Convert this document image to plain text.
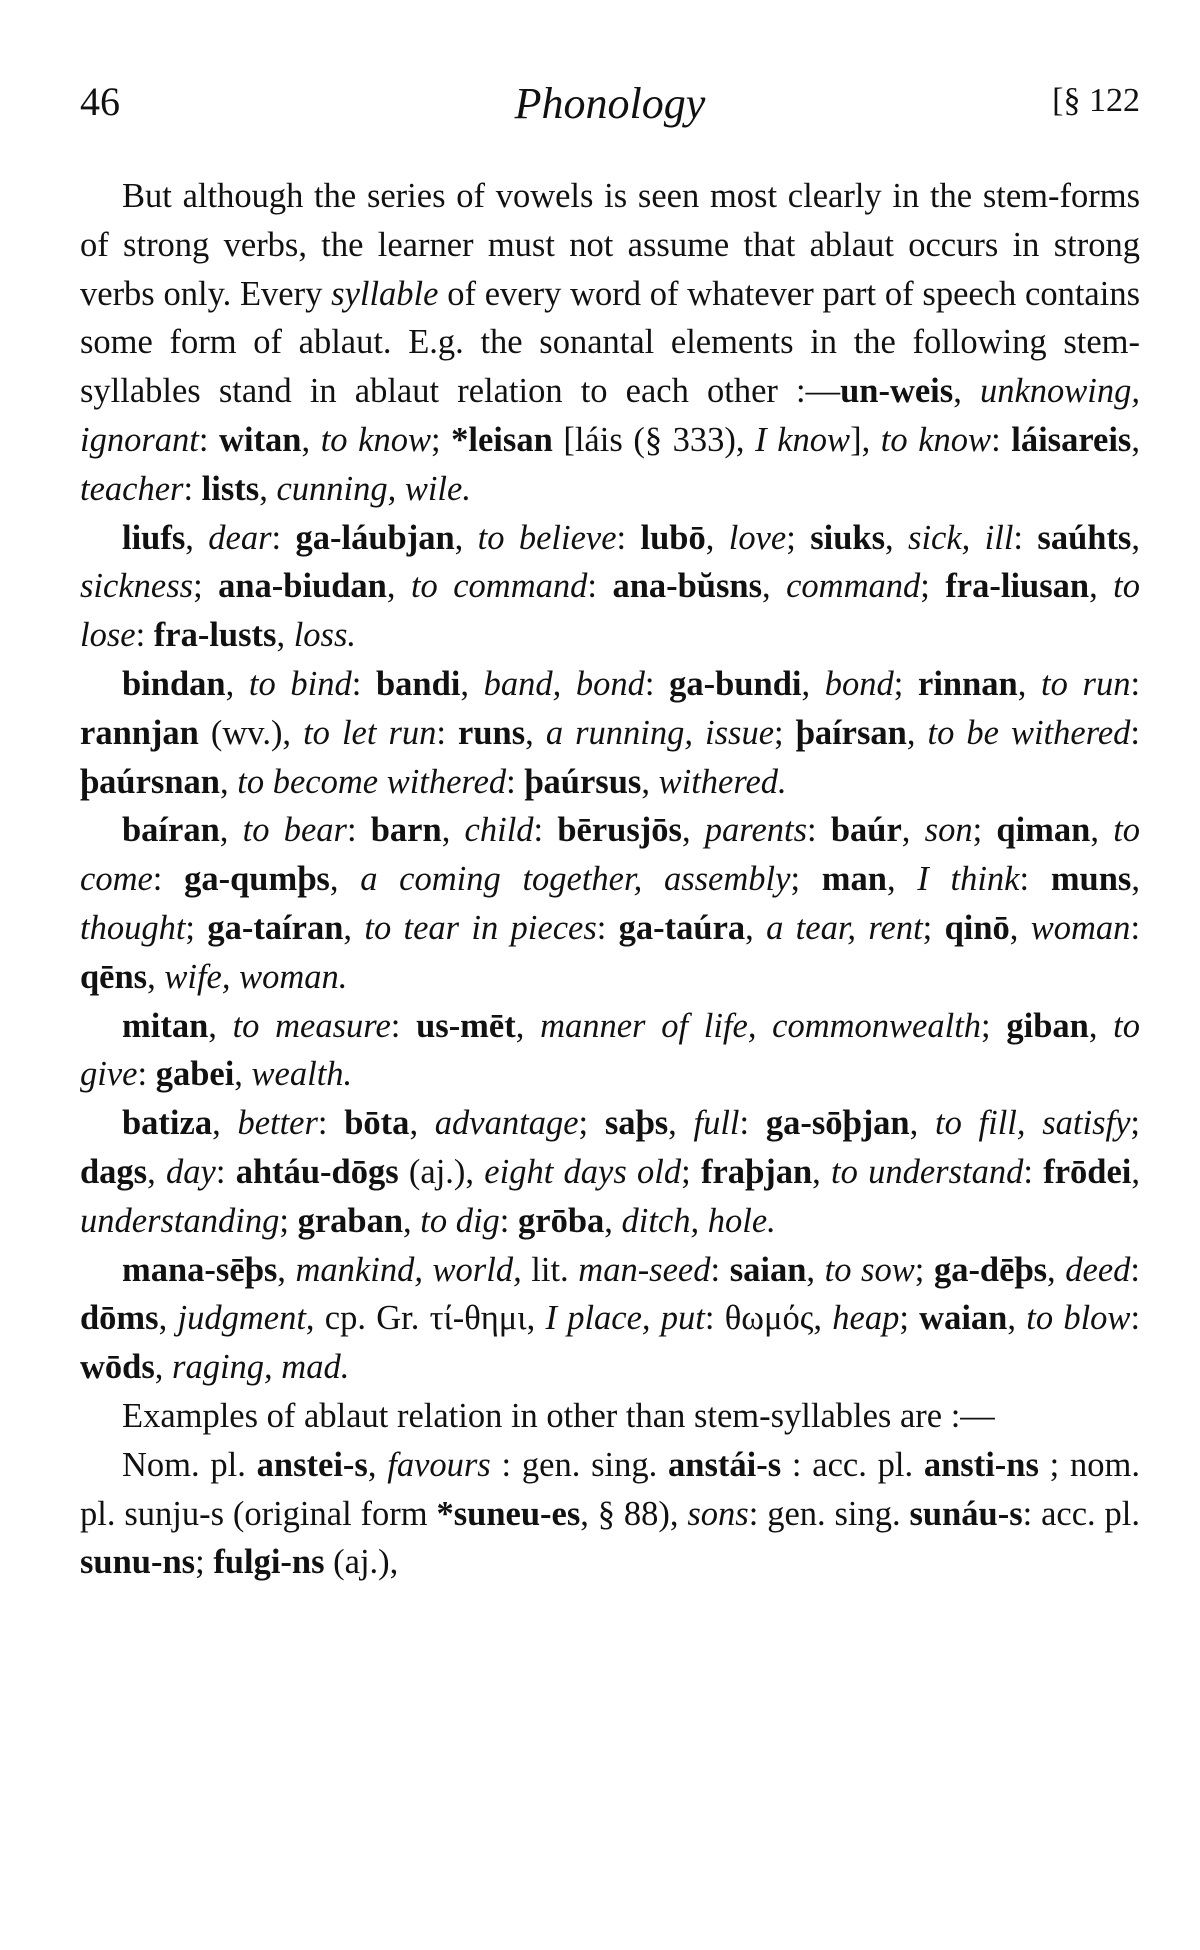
46	Phonology	[§ 122

But although the series of vowels is seen most clearly in the stem-forms of strong verbs, the learner must not assume that ablaut occurs in strong verbs only. Every syllable of every word of whatever part of speech contains some form of ablaut. E.g. the sonantal elements in the following stem-syllables stand in ablaut relation to each other :—un-weis, unknowing, ignorant: witan, to know; *leisan [láis (§ 333), I know], to know: láisareis, teacher: lists, cunning, wile.

liufs, dear: ga-láubjan, to believe: lubō, love; siuks, sick, ill: saúhts, sickness; ana-biudan, to command: ana-bŭsns, command; fra-liusan, to lose: fra-lusts, loss.

bindan, to bind: bandi, band, bond: ga-bundi, bond; rinnan, to run: rannjan (wv.), to let run: runs, a running, issue; þaírsan, to be withered: þaúrsnan, to become withered: þaúrsus, withered.

baíran, to bear: barn, child: bērusjōs, parents: baúr, son; qiman, to come: ga-qumþs, a coming together, assembly; man, I think: muns, thought; ga-taíran, to tear in pieces: ga-taúra, a tear, rent; qinō, woman: qēns, wife, woman.

mitan, to measure: us-mēt, manner of life, commonwealth; giban, to give: gabei, wealth.

batiza, better: bōta, advantage; saþs, full: ga-sōþjan, to fill, satisfy; dags, day: ahtáu-dōgs (aj.), eight days old; fraþjan, to understand: frōdei, understanding; graban, to dig: grōba, ditch, hole.

mana-sēþs, mankind, world, lit. man-seed: saian, to sow; ga-dēþs, deed: dōms, judgment, cp. Gr. τί-θημι, I place, put: θωμός, heap; waian, to blow: wōds, raging, mad.

Examples of ablaut relation in other than stem-syllables are :—

Nom. pl. anstei-s, favours : gen. sing. anstái-s : acc. pl. ansti-ns ; nom. pl. sunju-s (original form *suneu-es, § 88), sons: gen. sing. sunáu-s: acc. pl. sunu-ns; fulgi-ns (aj.),
